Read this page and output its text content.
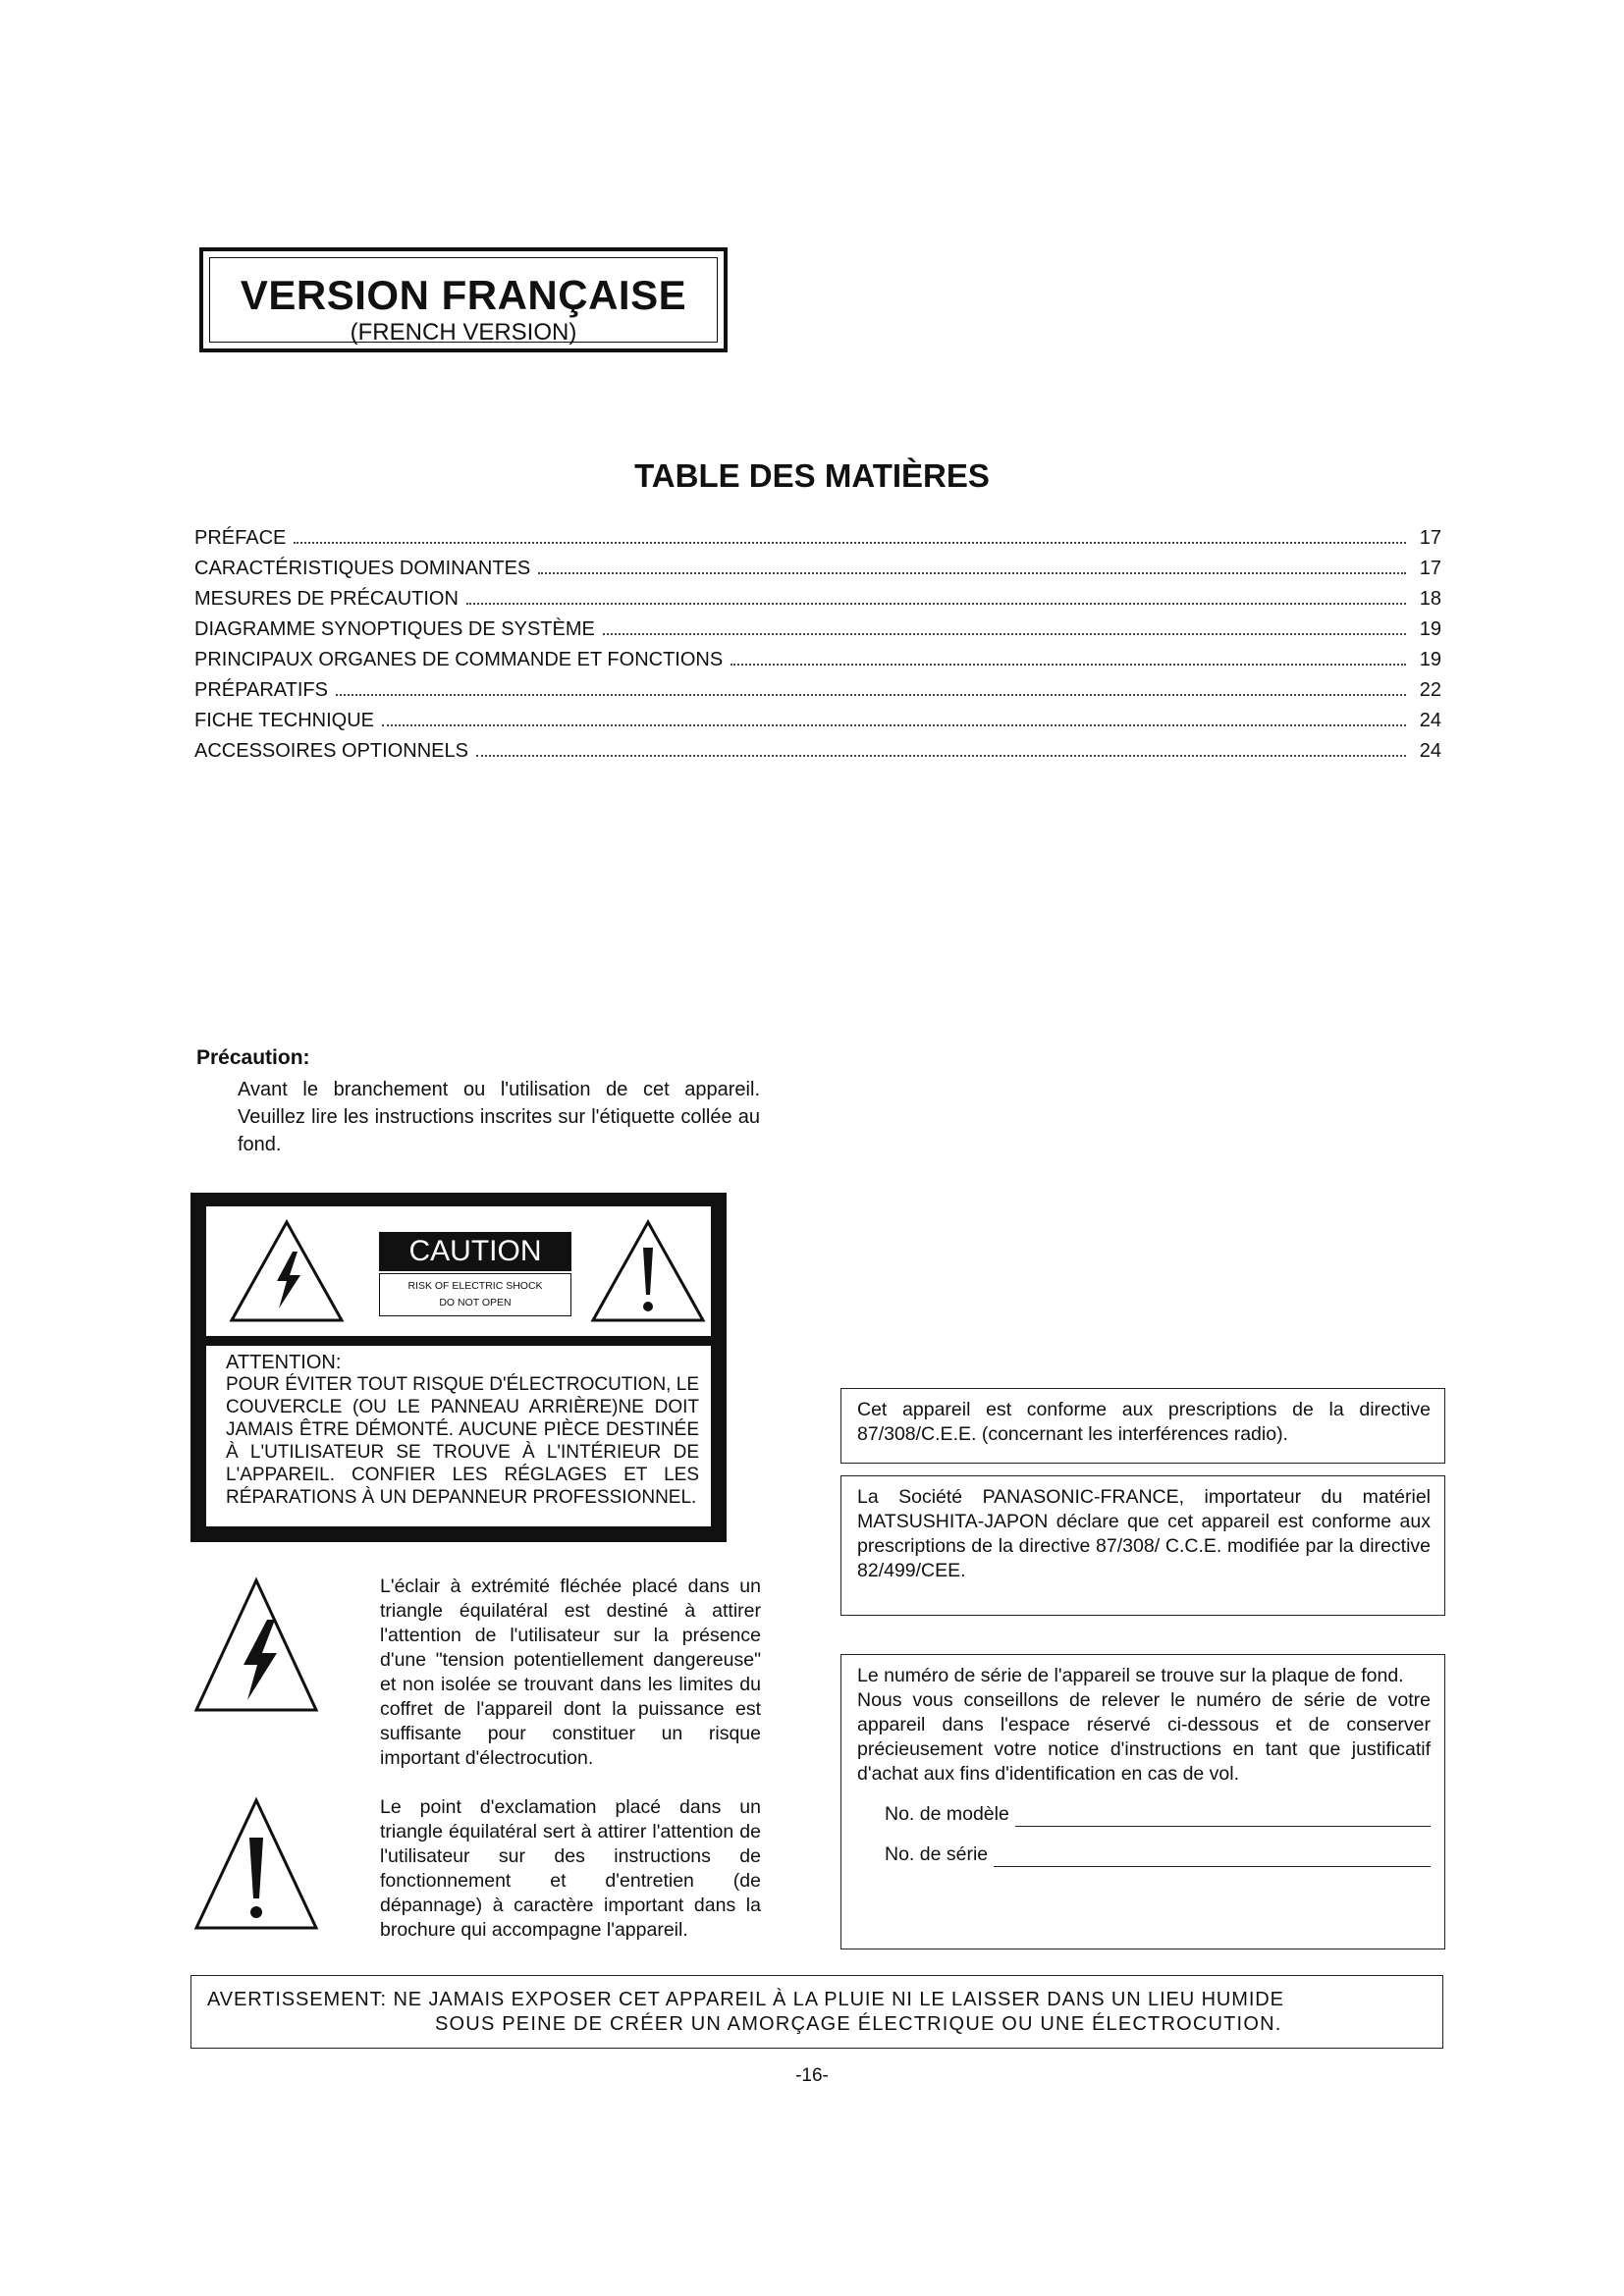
VERSION FRANÇAISE
(FRENCH VERSION)
TABLE DES MATIÈRES
PRÉFACE	17
CARACTÉRISTIQUES DOMINANTES	17
MESURES DE PRÉCAUTION	18
DIAGRAMME SYNOPTIQUES DE SYSTÈME	19
PRINCIPAUX ORGANES DE COMMANDE ET FONCTIONS	19
PRÉPARATIFS	22
FICHE TECHNIQUE	24
ACCESSOIRES OPTIONNELS	24
Précaution:
Avant le branchement ou l'utilisation de cet appareil. Veuillez lire les instructions inscrites sur l'étiquette collée au fond.
CAUTION
RISK OF ELECTRIC SHOCK
DO NOT OPEN
ATTENTION:
POUR ÉVITER TOUT RISQUE D'ÉLECTROCUTION, LE COUVERCLE (OU LE PANNEAU ARRIÈRE)NE DOIT JAMAIS ÊTRE DÉMONTÉ. AUCUNE PIÈCE DESTINÉE À L'UTILISATEUR SE TROUVE À L'INTÉRIEUR DE L'APPAREIL. CONFIER LES RÉGLAGES ET LES RÉPARATIONS À UN DEPANNEUR PROFESSIONNEL.
L'éclair à extrémité fléchée placé dans un triangle équilatéral est destiné à attirer l'attention de l'utilisateur sur la présence d'une "tension potentiellement dangereuse" et non isolée se trouvant dans les limites du coffret de l'appareil dont la puissance est suffisante pour constituer un risque important d'électrocution.
Le point d'exclamation placé dans un triangle équilatéral sert à attirer l'attention de l'utilisateur sur des instructions de fonctionnement et d'entretien (de dépannage) à caractère important dans la brochure qui accompagne l'appareil.
Cet appareil est conforme aux prescriptions de la directive 87/308/C.E.E. (concernant les interférences radio).
La Société PANASONIC-FRANCE, importateur du matériel MATSUSHITA-JAPON déclare que cet appareil est conforme aux prescriptions de la directive 87/308/ C.C.E. modifiée par la directive 82/499/CEE.
Le numéro de série de l'appareil se trouve sur la plaque de fond.
Nous vous conseillons de relever le numéro de série de votre appareil dans l'espace réservé ci-dessous et de conserver précieusement votre notice d'instructions en tant que justificatif d'achat aux fins d'identification en cas de vol.
No. de modèle
No. de série
AVERTISSEMENT: NE JAMAIS EXPOSER CET APPAREIL À LA PLUIE NI LE LAISSER DANS UN LIEU HUMIDE
SOUS PEINE DE CRÉER UN AMORÇAGE ÉLECTRIQUE OU UNE ÉLECTROCUTION.
-16-
